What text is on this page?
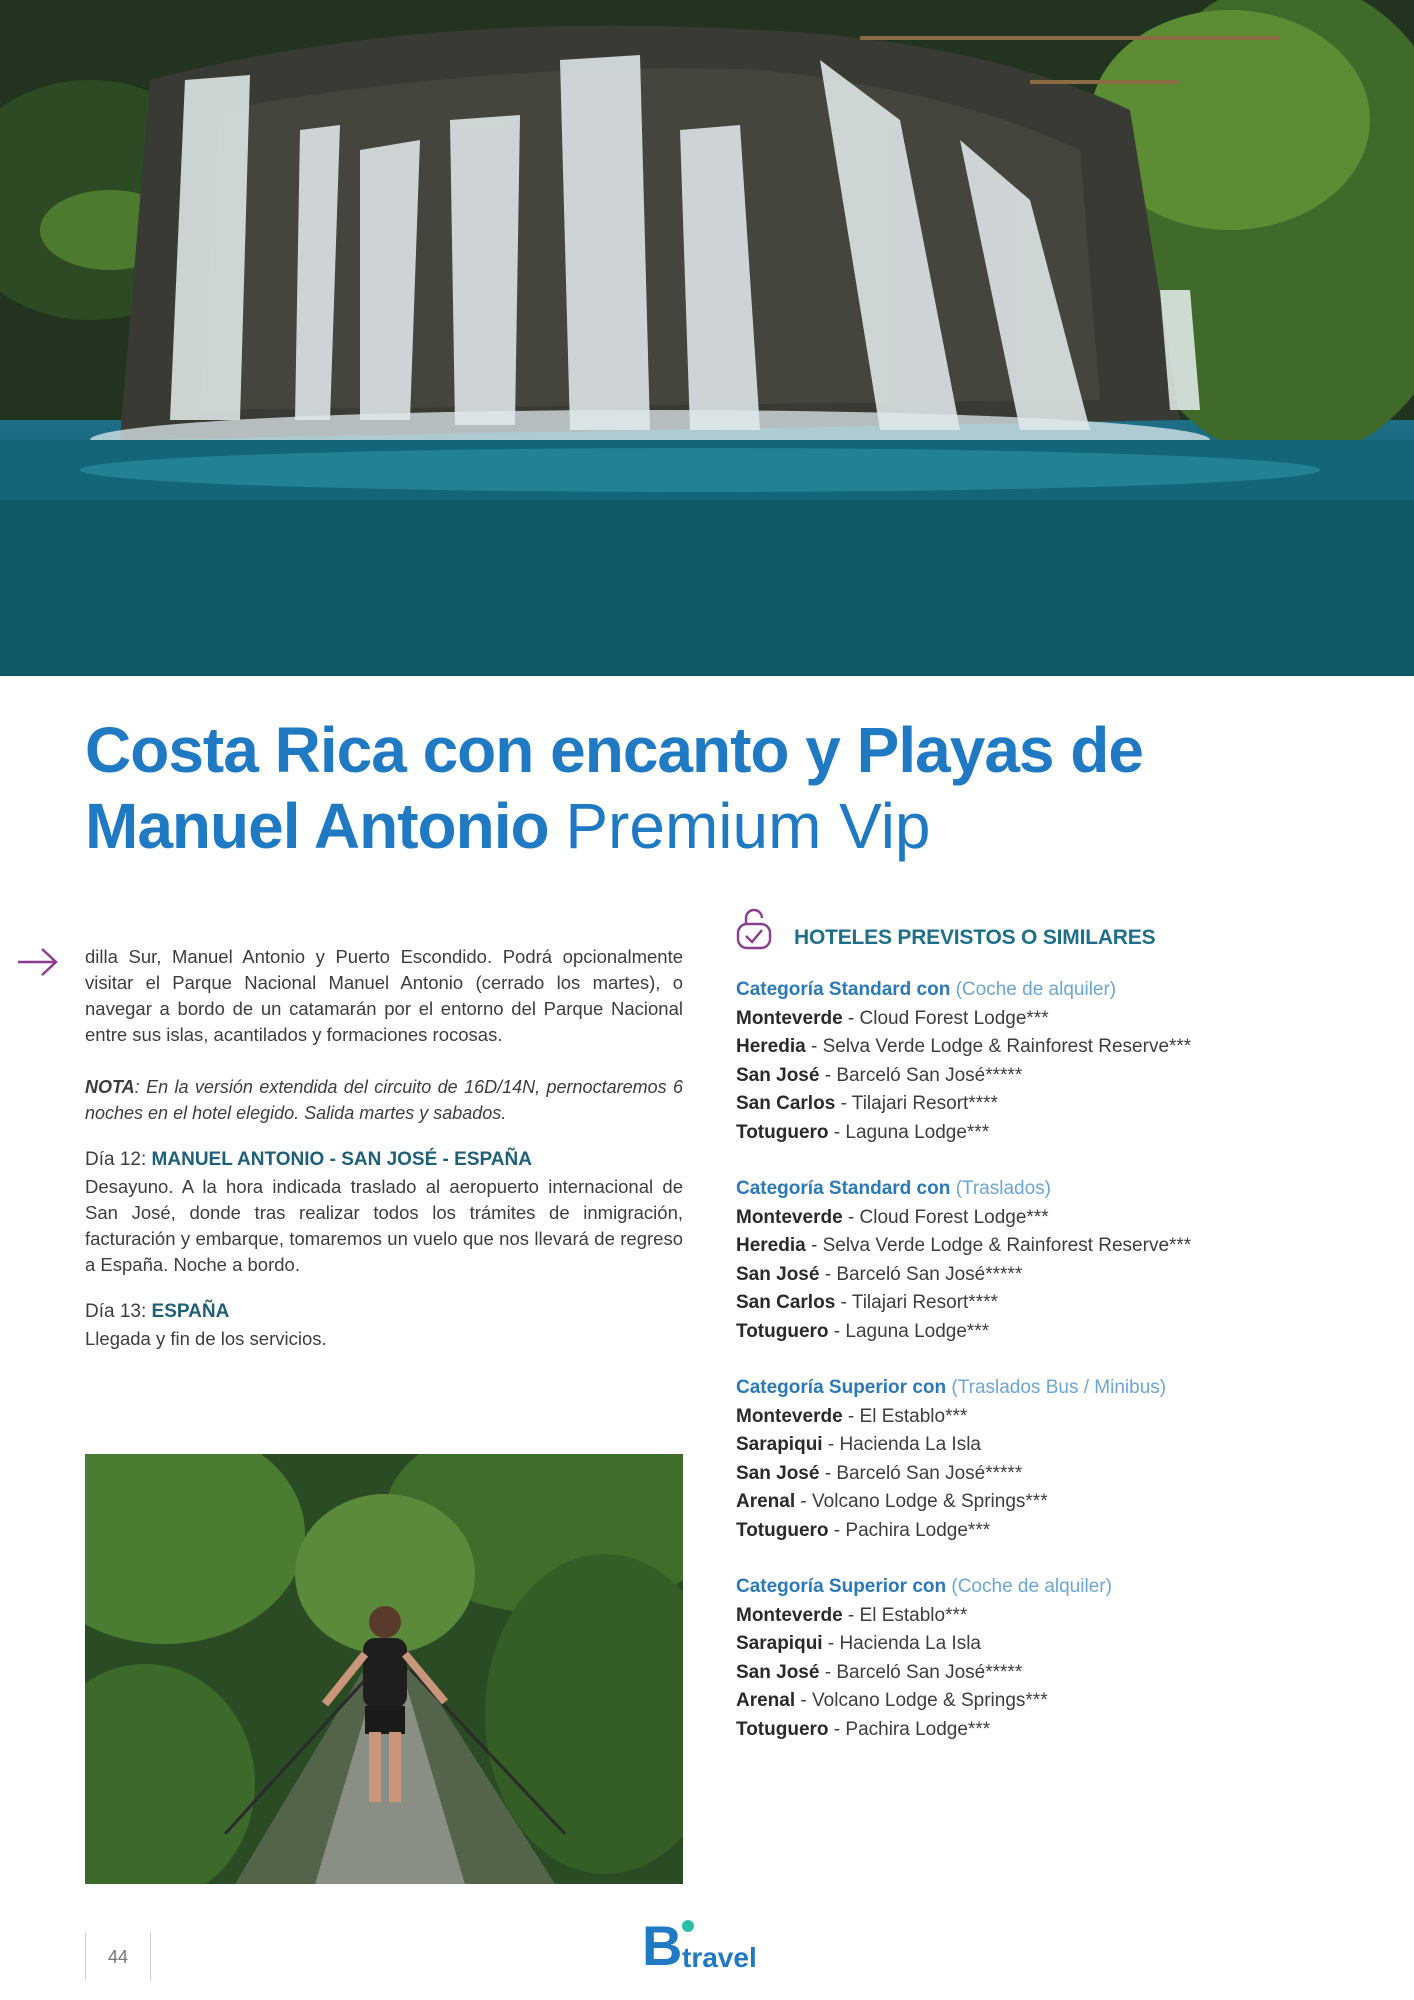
Costa Rica con encanto y Playas de Manuel Antonio Premium Vip

dilla Sur, Manuel Antonio y Puerto Escondido. Podrá opcionalmente visitar el Parque Nacional Manuel Antonio (cerrado los martes), o navegar a bordo de un catamarán por el entorno del Parque Nacional entre sus islas, acantilados y formaciones rocosas.

NOTA: En la versión extendida del circuito de 16D/14N, pernoctaremos 6 noches en el hotel elegido. Salida martes y sabados.

Día 12: MANUEL ANTONIO - SAN JOSÉ - ESPAÑA

Desayuno. A la hora indicada traslado al aeropuerto internacional de San José, donde tras realizar todos los trámites de inmigración, facturación y embarque, tomaremos un vuelo que nos llevará de regreso a España. Noche a bordo.

Día 13: ESPAÑA

Llegada y fin de los servicios.

HOTELES PREVISTOS O SIMILARES
Categoría Standard con (Coche de alquiler)
Monteverde - Cloud Forest Lodge***
Heredia - Selva Verde Lodge & Rainforest Reserve***
San José - Barceló San José*****
San Carlos - Tilajari Resort****
Totuguero - Laguna Lodge***
Categoría Standard con (Traslados)
Monteverde - Cloud Forest Lodge***
Heredia - Selva Verde Lodge & Rainforest Reserve***
San José - Barceló San José*****
San Carlos - Tilajari Resort****
Totuguero - Laguna Lodge***
Categoría Superior con (Traslados Bus / Minibus)
Monteverde - El Establo***
Sarapiqui - Hacienda La Isla
San José - Barceló San José*****
Arenal - Volcano Lodge & Springs***
Totuguero - Pachira Lodge***
Categoría Superior con (Coche de alquiler)
Monteverde - El Establo***
Sarapiqui - Hacienda La Isla
San José - Barceló San José*****
Arenal - Volcano Lodge & Springs***
Totuguero - Pachira Lodge***
44	B travel
